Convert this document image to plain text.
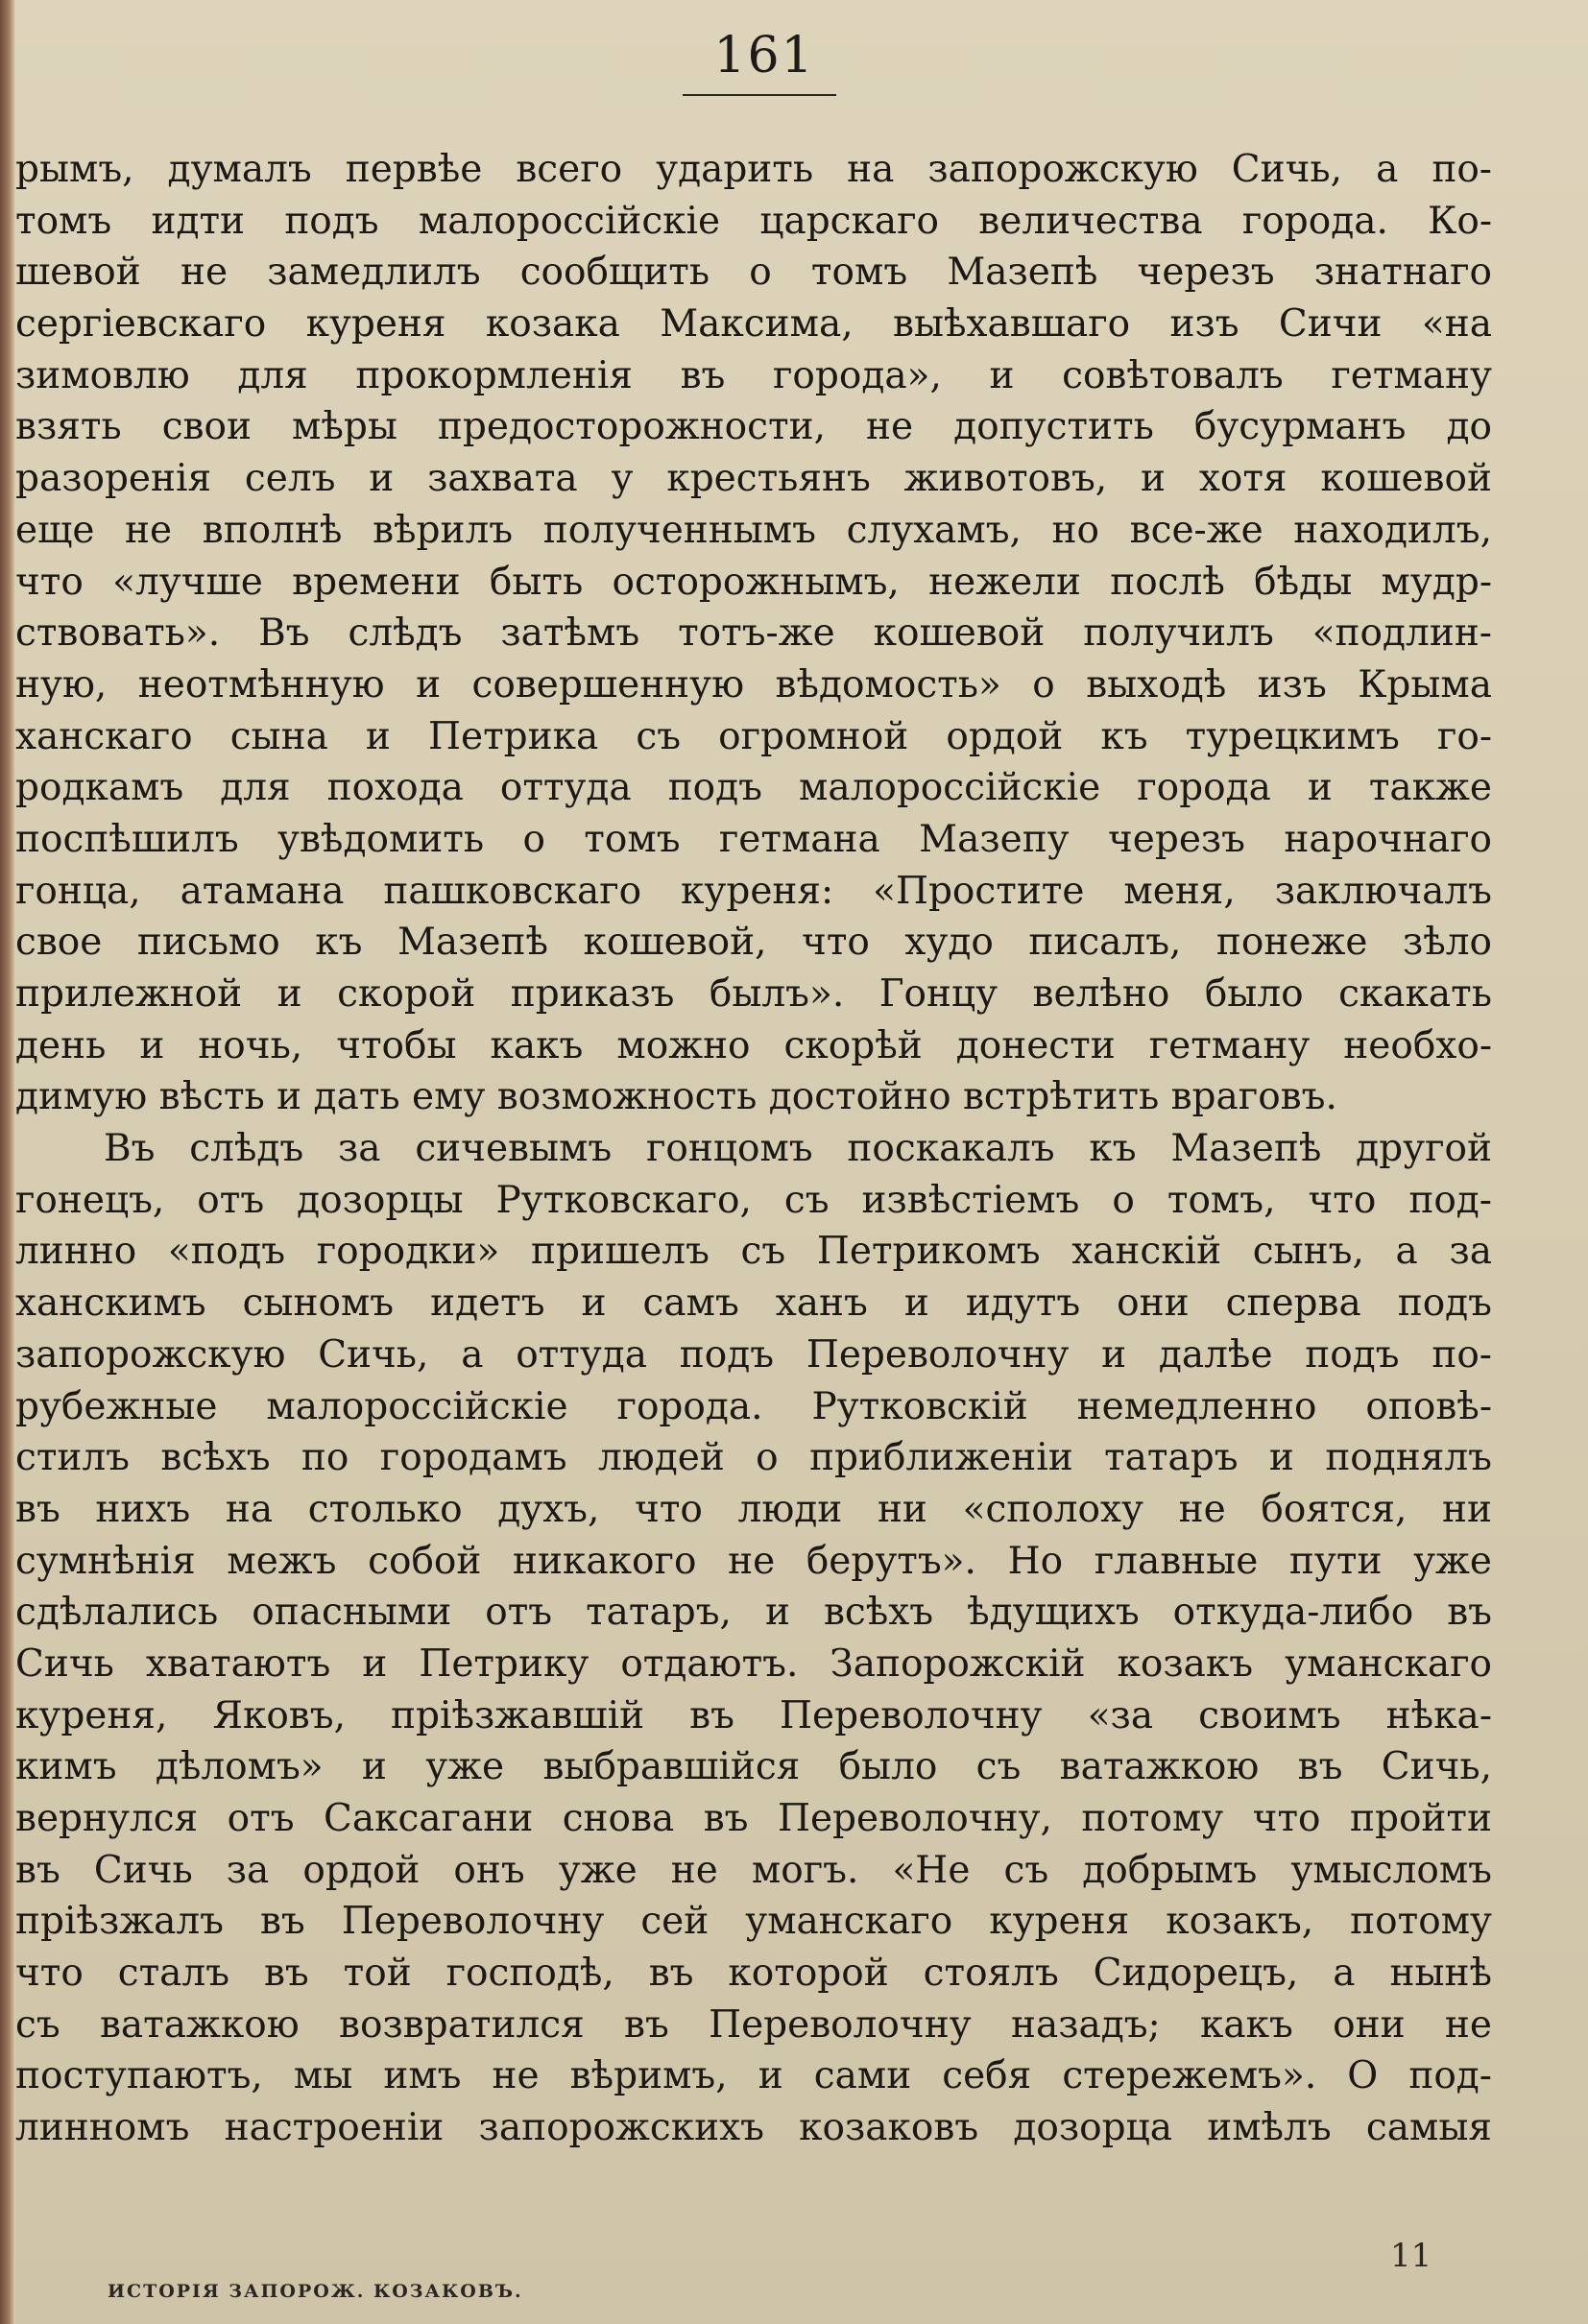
161
рымъ, думалъ первѣе всего ударить на запорожскую Сичь, а по-
томъ идти подъ малороссійскіе царскаго величества города. Ко-
шевой не замедлилъ сообщить о томъ Мазепѣ черезъ знатнаго
сергіевскаго куреня козака Максима, выѣхавшаго изъ Сичи «на
зимовлю для прокормленія въ города», и совѣтовалъ гетману
взять свои мѣры предосторожности, не допустить бусурманъ до
разоренія селъ и захвата у крестьянъ животовъ, и хотя кошевой
еще не вполнѣ вѣрилъ полученнымъ слухамъ, но все-же находилъ,
что «лучше времени быть осторожнымъ, нежели послѣ бѣды мудр-
ствовать». Въ слѣдъ затѣмъ тотъ-же кошевой получилъ «подлин-
ную, неотмѣнную и совершенную вѣдомость» о выходѣ изъ Крыма
ханскаго сына и Петрика съ огромной ордой къ турецкимъ го-
родкамъ для похода оттуда подъ малороссійскіе города и также
поспѣшилъ увѣдомить о томъ гетмана Мазепу черезъ нарочнаго
гонца, атамана пашковскаго куреня: «Простите меня, заключалъ
свое письмо къ Мазепѣ кошевой, что худо писалъ, понеже зѣло
прилежной и скорой приказъ былъ». Гонцу велѣно было скакать
день и ночь, чтобы какъ можно скорѣй донести гетману необхо-
димую вѣсть и дать ему возможность достойно встрѣтить враговъ.
Въ слѣдъ за сичевымъ гонцомъ поскакалъ къ Мазепѣ другой
гонецъ, отъ дозорцы Рутковскаго, съ извѣстіемъ о томъ, что под-
линно «подъ городки» пришелъ съ Петрикомъ ханскій сынъ, а за
ханскимъ сыномъ идетъ и самъ ханъ и идутъ они сперва подъ
запорожскую Сичь, а оттуда подъ Переволочну и далѣе подъ по-
рубежные малороссійскіе города. Рутковскій немедленно оповѣ-
стилъ всѣхъ по городамъ людей о приближеніи татаръ и поднялъ
въ нихъ на столько духъ, что люди ни «сполоху не боятся, ни
сумнѣнія межъ собой никакого не берутъ». Но главные пути уже
сдѣлались опасными отъ татаръ, и всѣхъ ѣдущихъ откуда-либо въ
Сичь хватаютъ и Петрику отдаютъ. Запорожскій козакъ уманскаго
куреня, Яковъ, пріѣзжавшій въ Переволочну «за своимъ нѣка-
кимъ дѣломъ» и уже выбравшійся было съ ватажкою въ Сичь,
вернулся отъ Саксагани снова въ Переволочну, потому что пройти
въ Сичь за ордой онъ уже не могъ. «Не съ добрымъ умысломъ
пріѣзжалъ въ Переволочну сей уманскаго куреня козакъ, потому
что сталъ въ той господѣ, въ которой стоялъ Сидорецъ, а нынѣ
съ ватажкою возвратился въ Переволочну назадъ; какъ они не
поступаютъ, мы имъ не вѣримъ, и сами себя стережемъ». О под-
линномъ настроеніи запорожскихъ козаковъ дозорца имѣлъ самыя
11
ИСТОРІЯ ЗАПОРОЖ. КОЗАКОВЪ.
